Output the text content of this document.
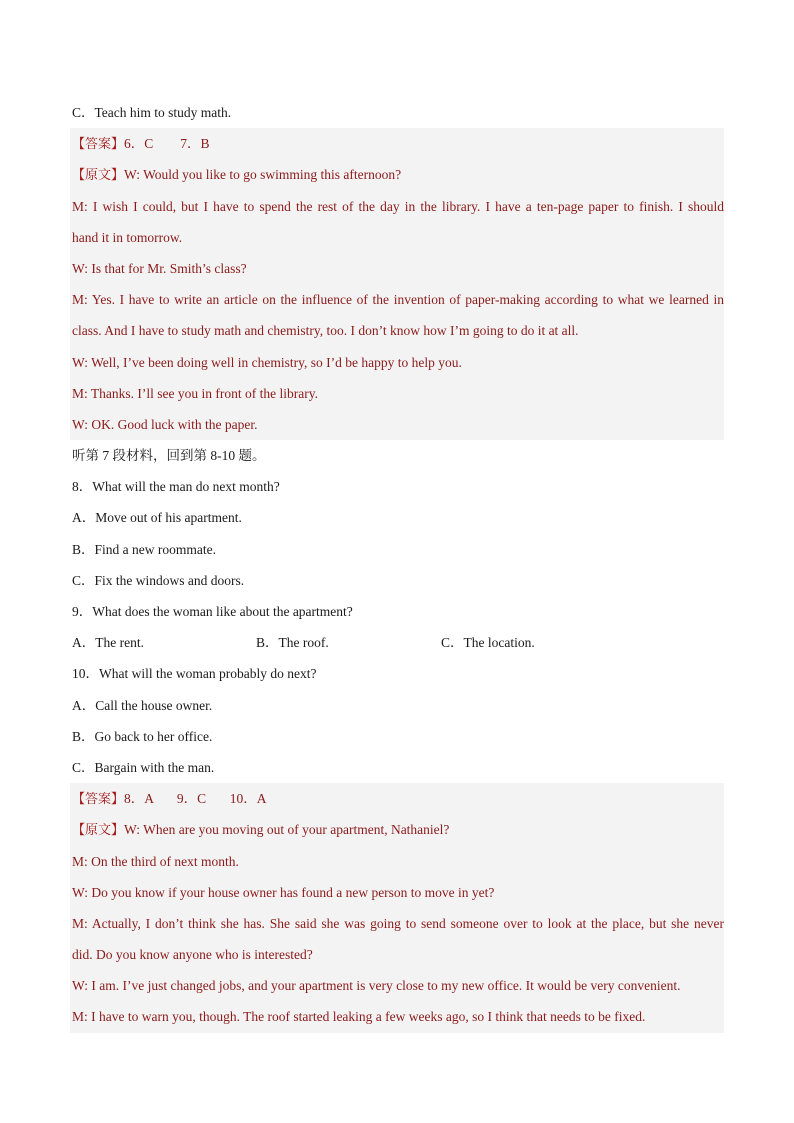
C．Teach him to study math.
【答案】6．C        7．B
【原文】W: Would you like to go swimming this afternoon?
M: I wish I could, but I have to spend the rest of the day in the library. I have a ten-page paper to finish. I should
hand it in tomorrow.
W: Is that for Mr. Smith’s class?
M: Yes. I have to write an article on the influence of the invention of paper-making according to what we learned in
class. And I have to study math and chemistry, too. I don’t know how I’m going to do it at all.
W: Well, I’ve been doing well in chemistry, so I’d be happy to help you.
M: Thanks. I’ll see you in front of the library.
W: OK. Good luck with the paper.
听第 7 段材料，回到第 8-10 题。
8．What will the man do next month?
A．Move out of his apartment.
B．Find a new roommate.
C．Fix the windows and doors.
9．What does the woman like about the apartment?
A．The rent.	B．The roof.	C．The location.
10．What will the woman probably do next?
A．Call the house owner.
B．Go back to her office.
C．Bargain with the man.
【答案】8．A       9．C       10．A
【原文】W: When are you moving out of your apartment, Nathaniel?
M: On the third of next month.
W: Do you know if your house owner has found a new person to move in yet?
M: Actually, I don’t think she has. She said she was going to send someone over to look at the place, but she never
did. Do you know anyone who is interested?
W: I am. I’ve just changed jobs, and your apartment is very close to my new office. It would be very convenient.
M: I have to warn you, though. The roof started leaking a few weeks ago, so I think that needs to be fixed.
